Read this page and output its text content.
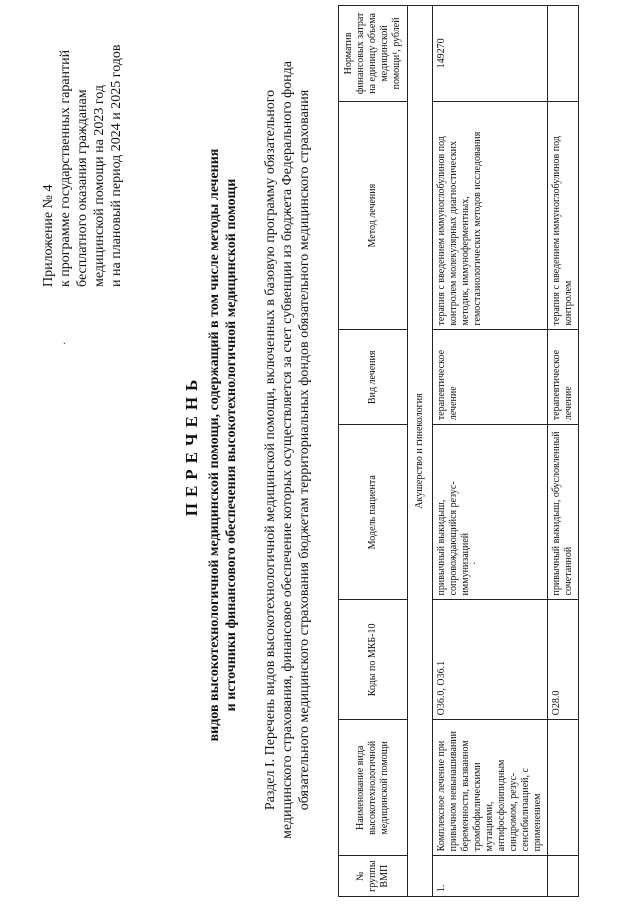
Приложение № 4 к программе государственных гарантий бесплатного оказания гражданам медицинской помощи на 2023 год и на плановый период 2024 и 2025 годов
ПЕРЕЧЕНЬ видов высокотехнологичной медицинской помощи, содержащий в том числе методы лечения и источники финансового обеспечения высокотехнологичной медицинской помощи Раздел I. Перечень видов высокотехнологичной медицинской помощи, включенных в базовую программу обязательного медицинского страхования, финансовое обеспечение которых осуществляется за счет субвенции из бюджета Федерального фонда обязательного медицинского страхования бюджетам территориальных фондов обязательного медицинского страхования
·
·
№ группы ВМП	Наименование вида высокотехнологичной медицинской помощи	Коды по МКБ-10	Модель пациента	Вид лечения	Метод лечения	Норматив финансовых затрат на единицу объема медицинской помощи¹, рублей
Акушерство и гинекология						
1.	Комплексное лечение при привычном невынашивании беременности, вызванном тромбофилическими мутациями, антифосфолипидным синдромом, резус-сенсибилизацией, с применением	O36.0, O36.1	привычный выкидыш, сопровождающийся резус-иммунизацией	терапевтическое лечение	терапия с введением иммуноглобулинов под контролем молекулярных диагностических методик, иммуноферментных, гемостазиологических методов исследования	149270
		O28.0	привычный выкидыш, обусловленный сочетанной	терапевтическое лечение	терапия с введением иммуноглобулинов под контролем	
